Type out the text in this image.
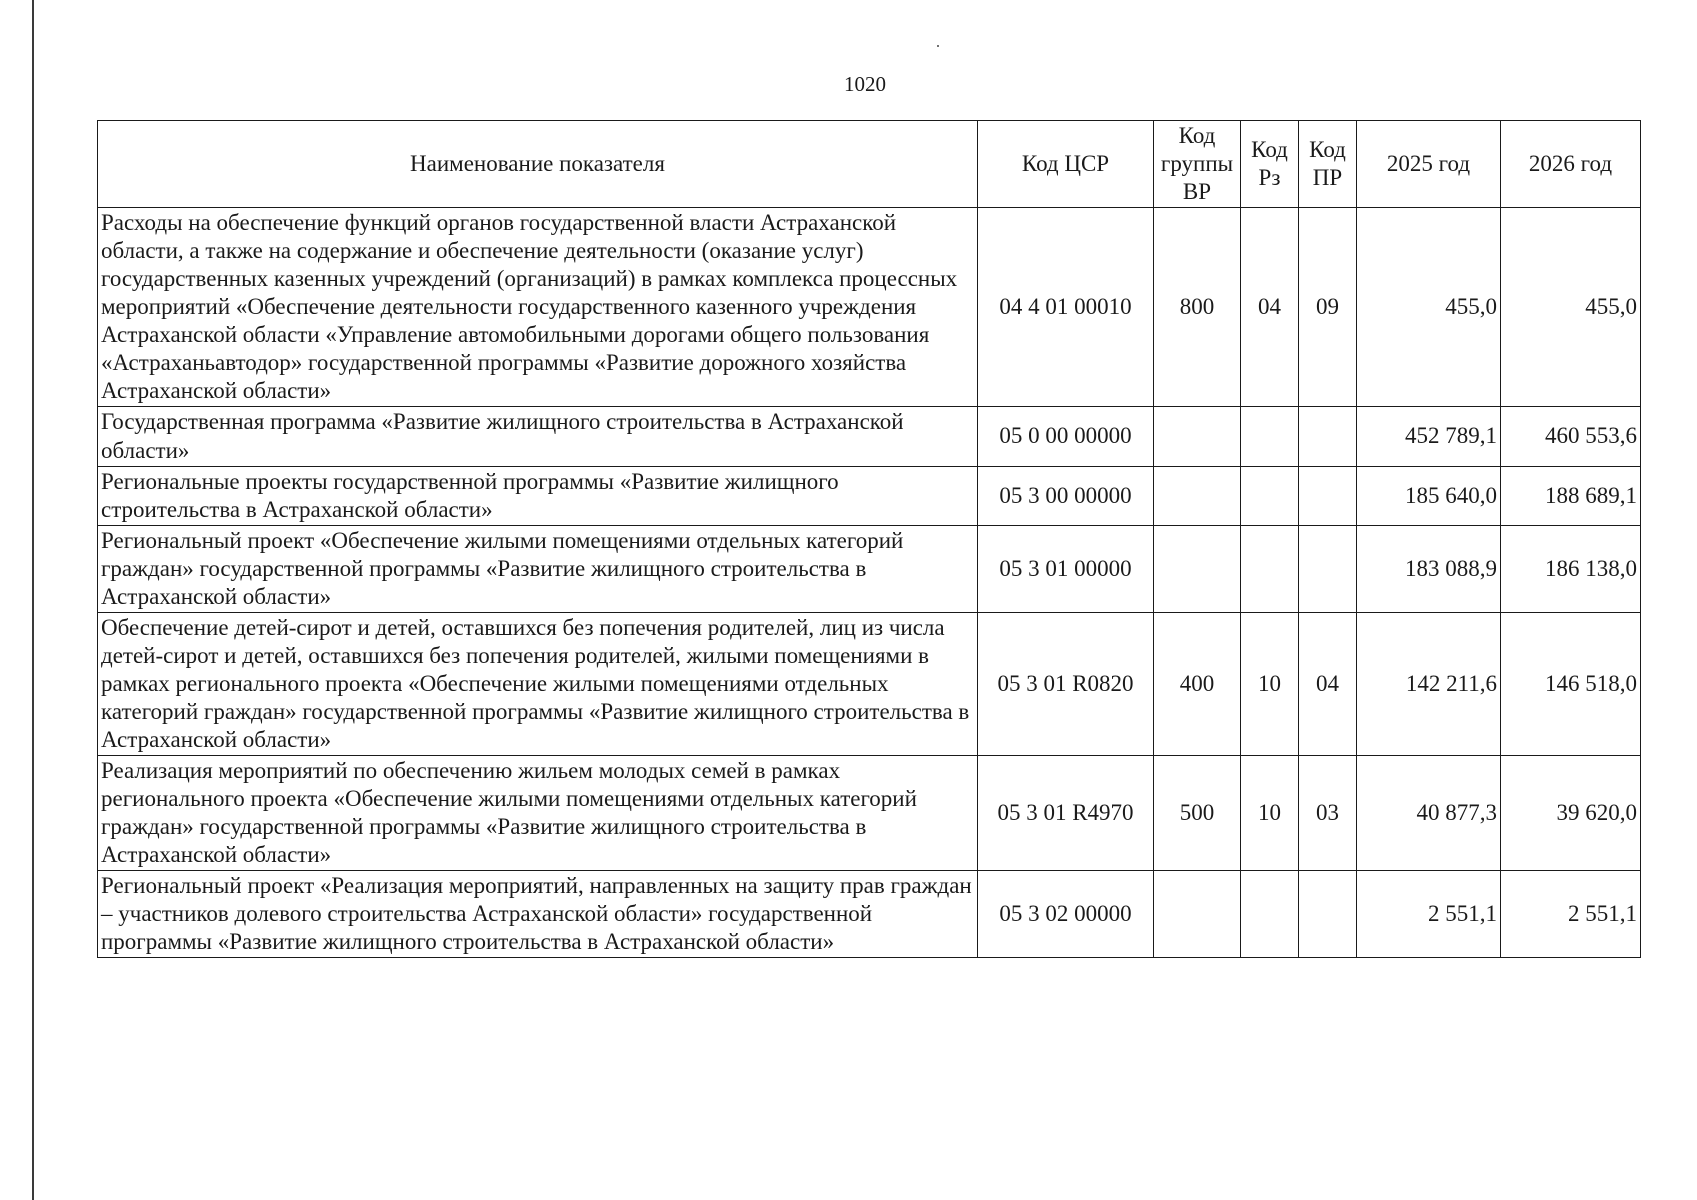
1020
Наименование показателя	Код ЦСР	Код группы ВР	Код Рз	Код ПР	2025 год	2026 год
Расходы на обеспечение функций органов государственной власти Астраханской области, а также на содержание и обеспечение деятельности (оказание услуг) государственных казенных учреждений (организаций) в рамках комплекса процессных мероприятий «Обеспечение деятельности государственного казенного учреждения Астраханской области «Управление автомобильными дорогами общего пользования «Астраханьавтодор» государственной программы «Развитие дорожного хозяйства Астраханской области»	04 4 01 00010	800	04	09	455,0	455,0
Государственная программа «Развитие жилищного строительства в Астраханской области»	05 0 00 00000				452 789,1	460 553,6
Региональные проекты государственной программы «Развитие жилищного строительства в Астраханской области»	05 3 00 00000				185 640,0	188 689,1
Региональный проект «Обеспечение жилыми помещениями отдельных категорий граждан» государственной программы «Развитие жилищного строительства в Астраханской области»	05 3 01 00000				183 088,9	186 138,0
Обеспечение детей-сирот и детей, оставшихся без попечения родителей, лиц из числа детей-сирот и детей, оставшихся без попечения родителей, жилыми помещениями в рамках регионального проекта «Обеспечение жилыми помещениями отдельных категорий граждан» государственной программы «Развитие жилищного строительства в Астраханской области»	05 3 01 R0820	400	10	04	142 211,6	146 518,0
Реализация мероприятий по обеспечению жильем молодых семей в рамках регионального проекта «Обеспечение жилыми помещениями отдельных категорий граждан» государственной программы «Развитие жилищного строительства в Астраханской области»	05 3 01 R4970	500	10	03	40 877,3	39 620,0
Региональный проект «Реализация мероприятий, направленных на защиту прав граждан – участников долевого строительства Астраханской области» государственной программы «Развитие жилищного строительства в Астраханской области»	05 3 02 00000				2 551,1	2 551,1
